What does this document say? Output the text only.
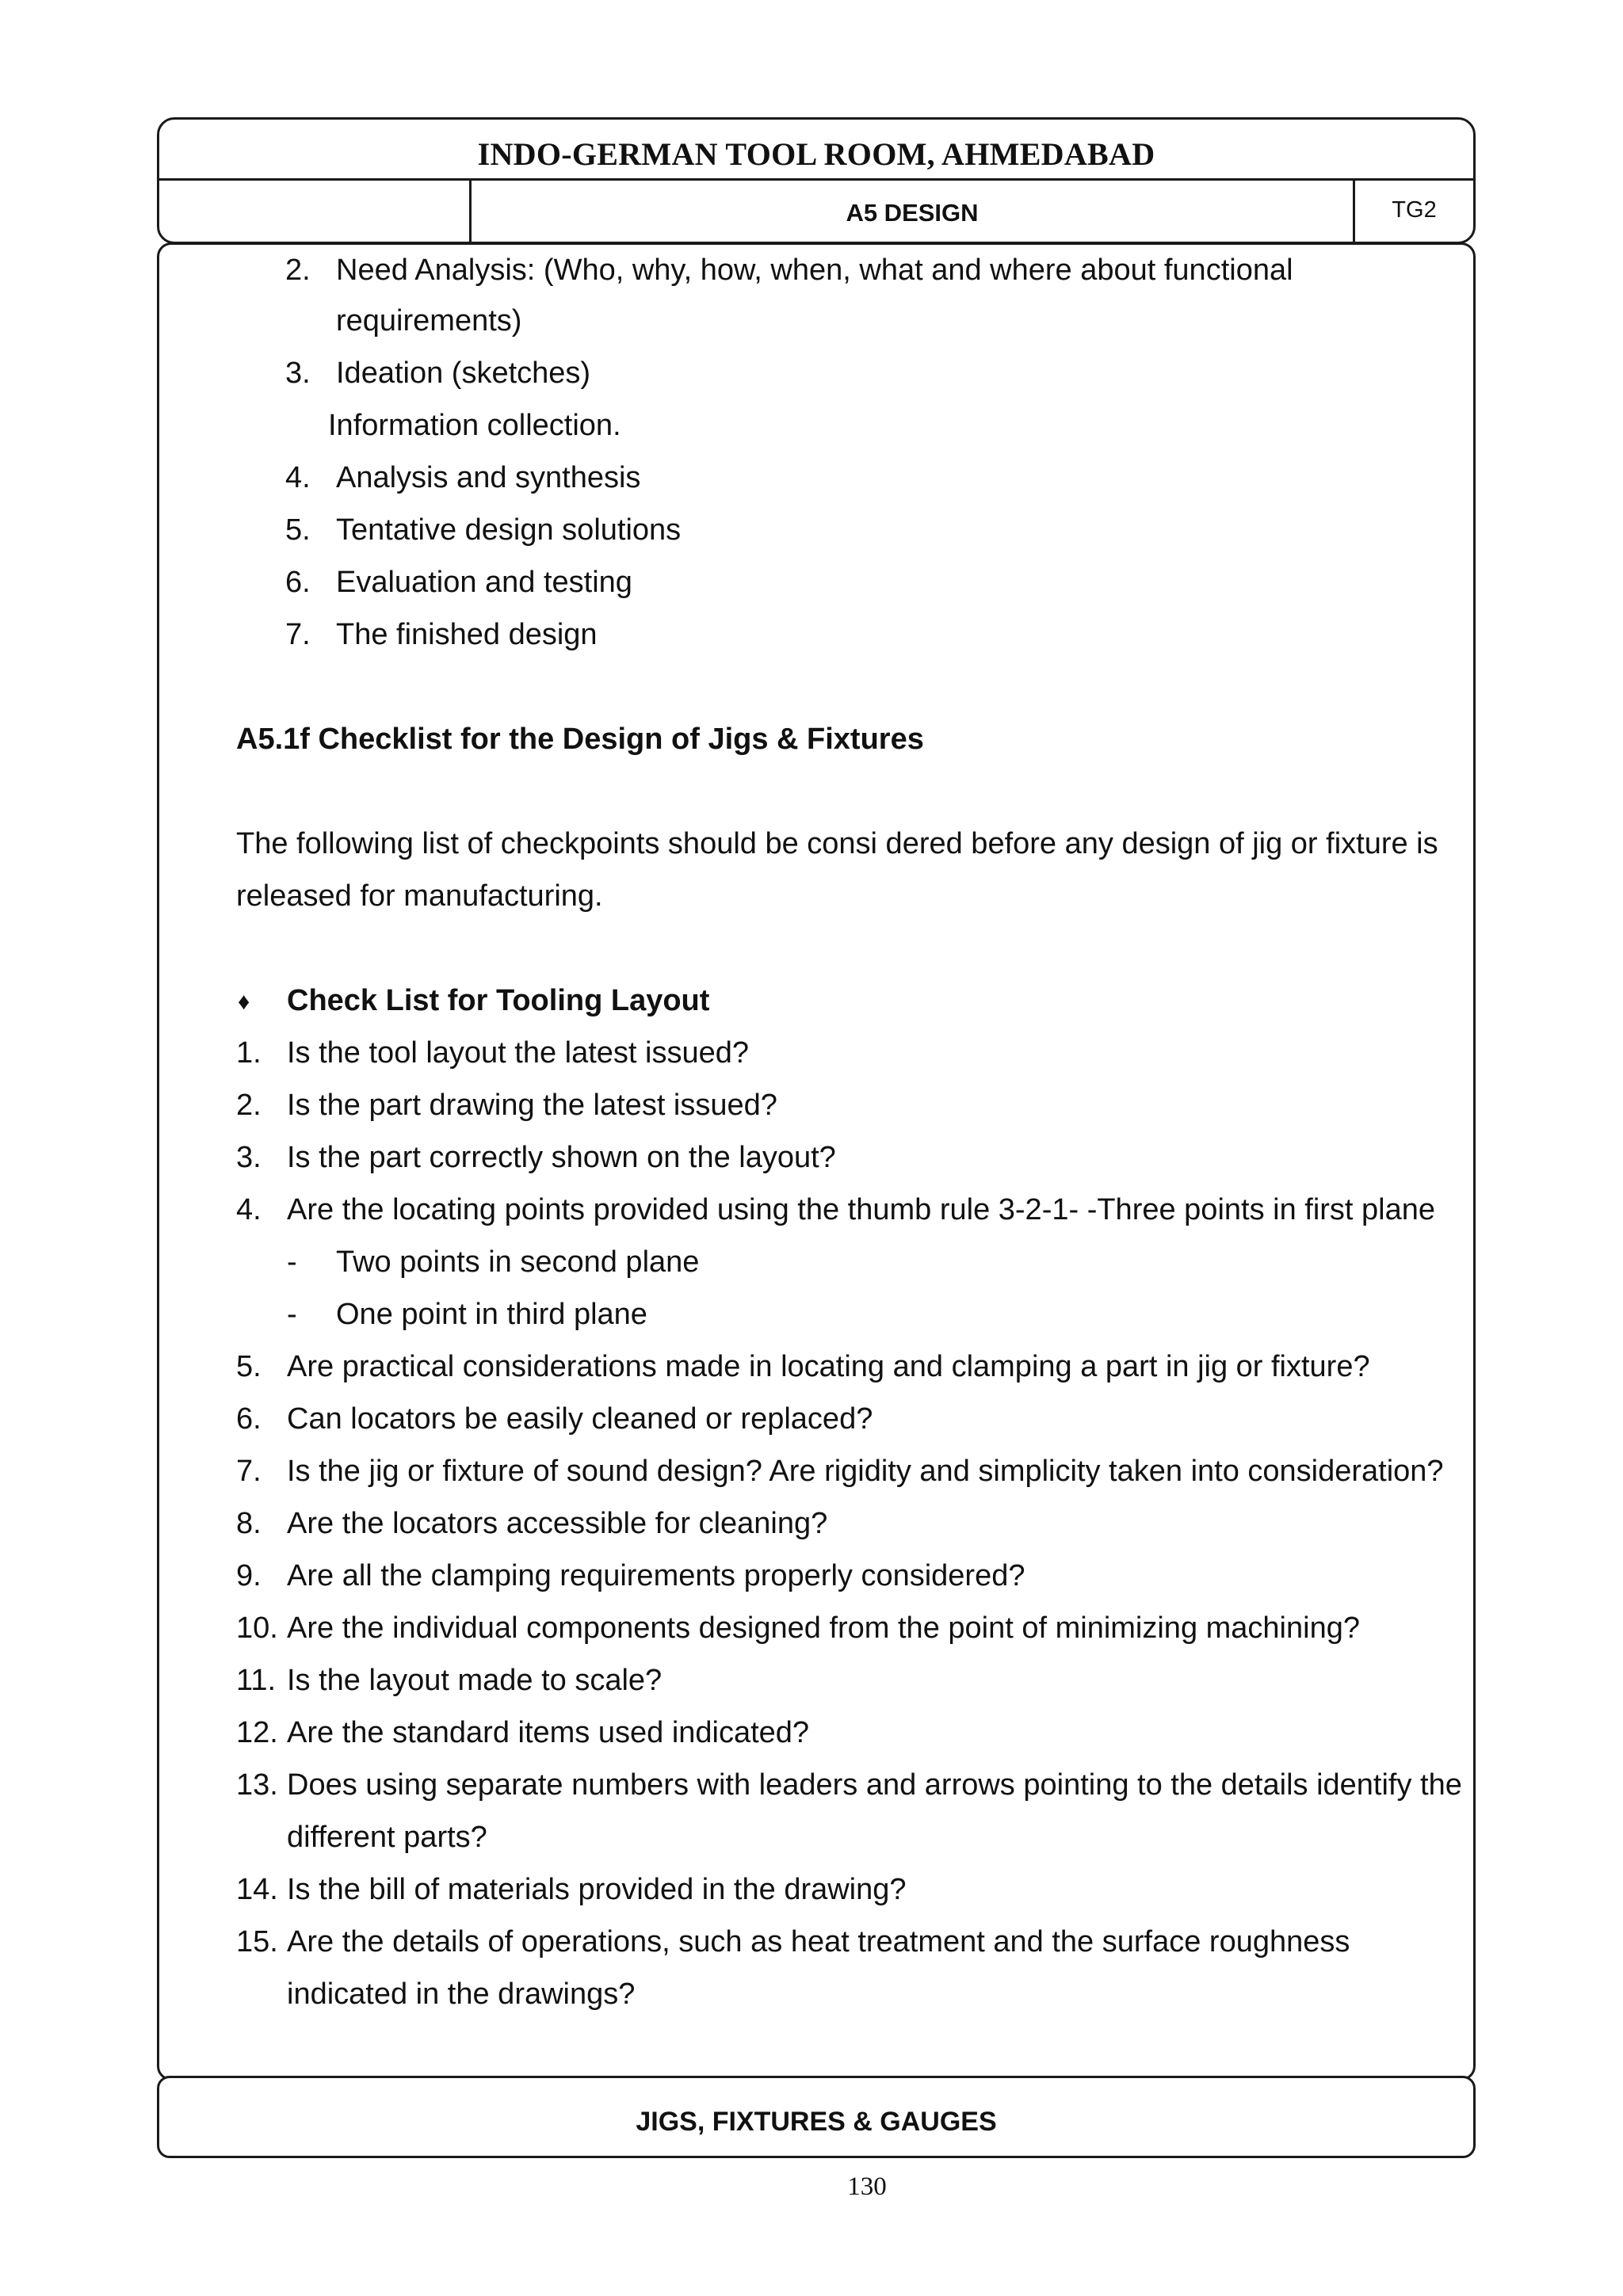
INDO-GERMAN TOOL ROOM, AHMEDABAD
A5 DESIGN	TG2
2. Need Analysis: (Who, why, how, when, what and where about functional
requirements)
3. Ideation (sketches)
Information collection.
4. Analysis and synthesis
5. Tentative design solutions
6. Evaluation and testing
7. The finished design
A5.1f Checklist for the Design of Jigs & Fixtures
The following list of checkpoints should be consi dered before any design of jig or fixture is
released for manufacturing.
♦ Check List for Tooling Layout
1. Is the tool layout the latest issued?
2. Is the part drawing the latest issued?
3. Is the part correctly shown on the layout?
4. Are the locating points provided using the thumb rule 3-2-1- -Three points in first plane
- Two points in second plane
- One point in third plane
5. Are practical considerations made in locating and clamping a part in jig or fixture?
6. Can locators be easily cleaned or replaced?
7. Is the jig or fixture of sound design? Are rigidity and simplicity taken into consideration?
8. Are the locators accessible for cleaning?
9. Are all the clamping requirements properly considered?
10. Are the individual components designed from the point of minimizing machining?
11. Is the layout made to scale?
12. Are the standard items used indicated?
13. Does using separate numbers with leaders and arrows pointing to the details identify the
different parts?
14. Is the bill of materials provided in the drawing?
15. Are the details of operations, such as heat treatment and the surface roughness
indicated in the drawings?
JIGS, FIXTURES & GAUGES
130
